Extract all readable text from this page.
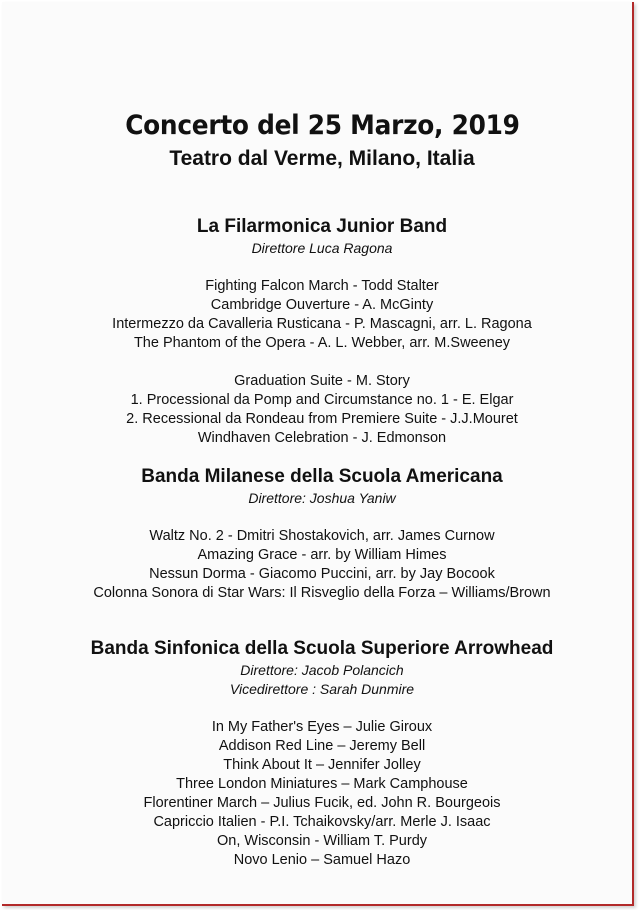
Concerto del 25 Marzo, 2019
Teatro dal Verme, Milano, Italia
La Filarmonica Junior Band
Direttore Luca Ragona
Fighting Falcon March - Todd Stalter
Cambridge Ouverture - A. McGinty
Intermezzo da Cavalleria Rusticana - P. Mascagni, arr. L. Ragona
The Phantom of the Opera - A. L. Webber, arr. M.Sweeney
Graduation Suite - M. Story
1. Processional da Pomp and Circumstance no. 1 - E. Elgar
2. Recessional da Rondeau from Premiere Suite - J.J.Mouret
Windhaven Celebration - J. Edmonson
Banda Milanese della Scuola Americana
Direttore: Joshua Yaniw
Waltz No. 2 - Dmitri Shostakovich, arr. James Curnow
Amazing Grace - arr. by William Himes
Nessun Dorma - Giacomo Puccini, arr. by Jay Bocook
Colonna Sonora di Star Wars: Il Risveglio della Forza – Williams/Brown
Banda Sinfonica della Scuola Superiore Arrowhead
Direttore: Jacob Polancich
Vicedirettore : Sarah Dunmire
In My Father's Eyes – Julie Giroux
Addison Red Line – Jeremy Bell
Think About It – Jennifer Jolley
Three London Miniatures – Mark Camphouse
Florentiner March – Julius Fucik, ed. John R. Bourgeois
Capriccio Italien - P.I. Tchaikovsky/arr. Merle J. Isaac
On, Wisconsin - William T. Purdy
Novo Lenio – Samuel Hazo
